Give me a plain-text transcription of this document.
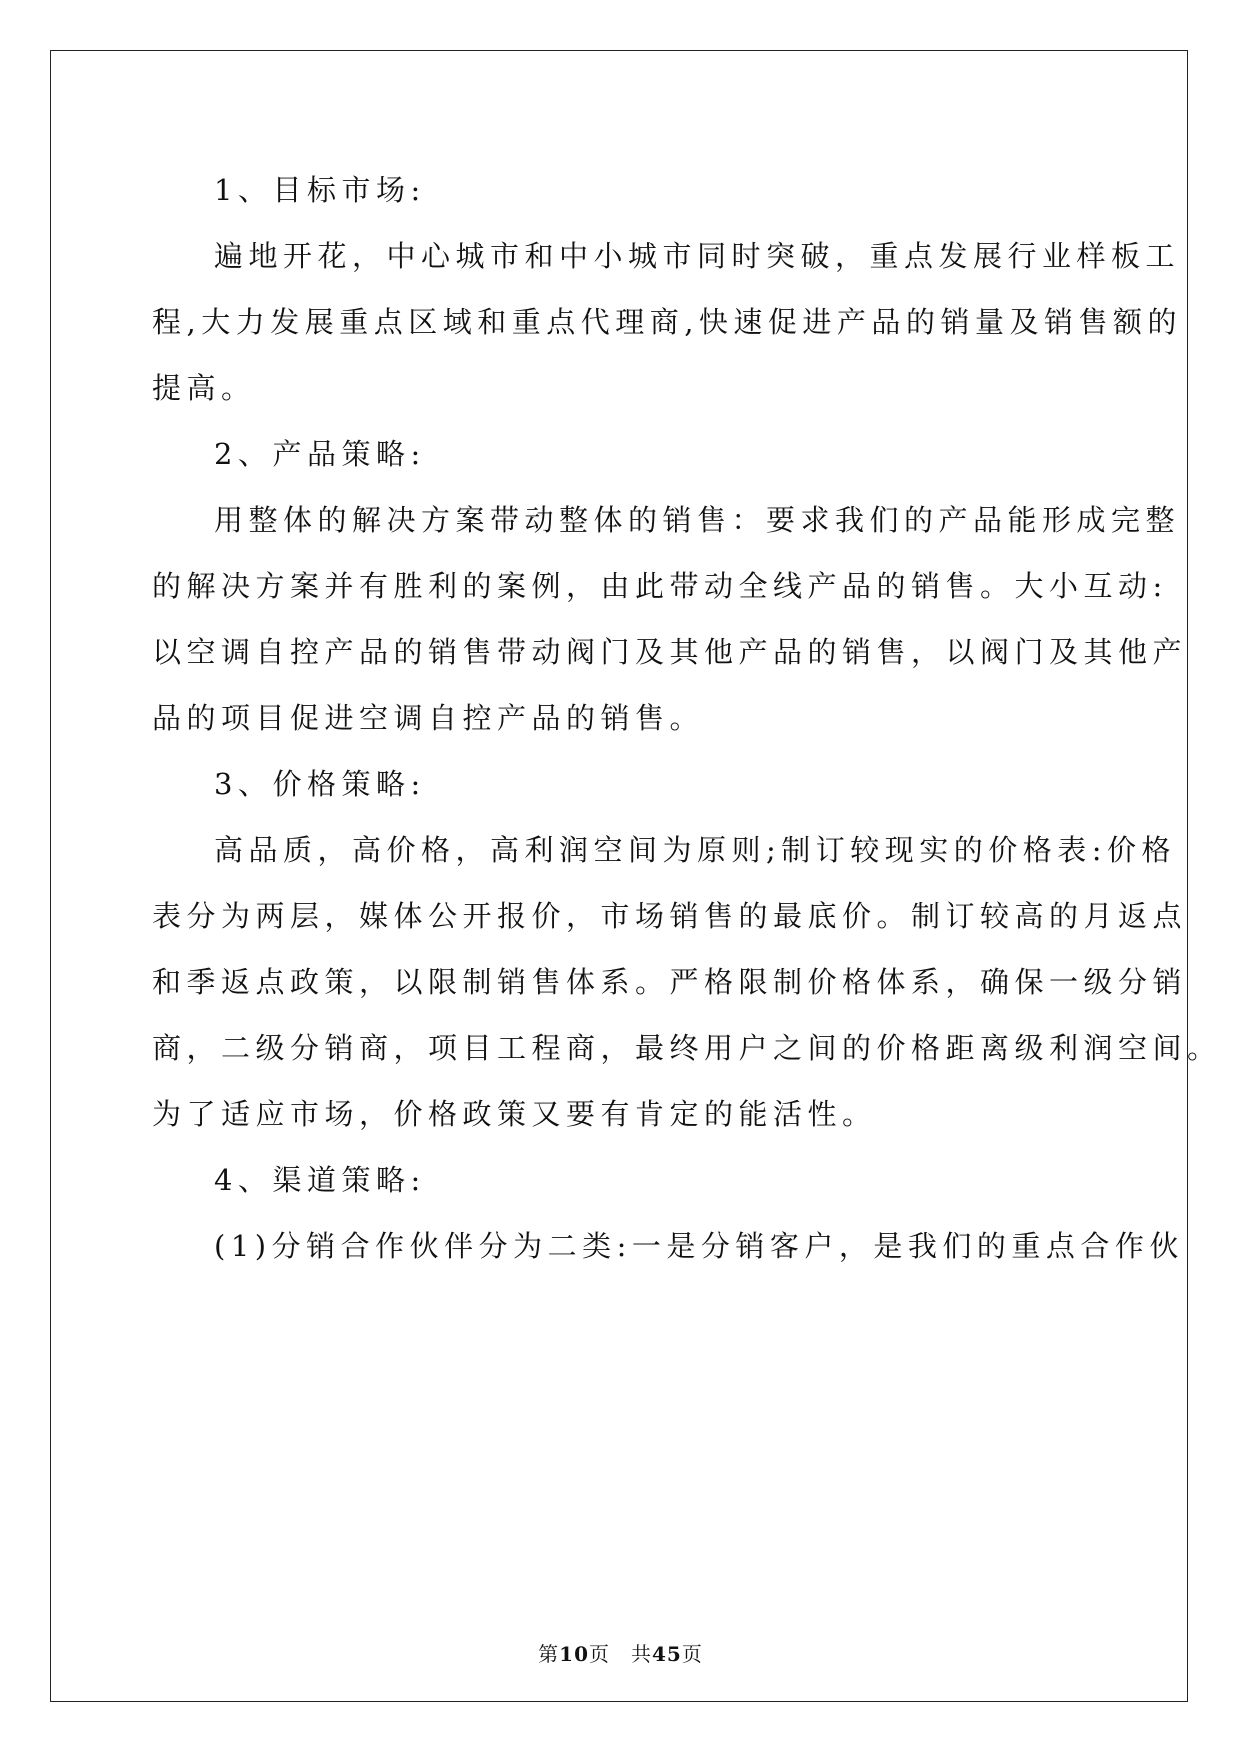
1、目标市场:
遍地开花，中心城市和中小城市同时突破，重点发展行业样板工
程,大力发展重点区域和重点代理商,快速促进产品的销量及销售额的
提高。
2、产品策略:
用整体的解决方案带动整体的销售：要求我们的产品能形成完整
的解决方案并有胜利的案例，由此带动全线产品的销售。大小互动:
以空调自控产品的销售带动阀门及其他产品的销售，以阀门及其他产
品的项目促进空调自控产品的销售。
3、价格策略:
高品质，高价格，高利润空间为原则;制订较现实的价格表:价格
表分为两层，媒体公开报价，市场销售的最底价。制订较高的月返点
和季返点政策，以限制销售体系。严格限制价格体系，确保一级分销
商，二级分销商，项目工程商，最终用户之间的价格距离级利润空间。
为了适应市场，价格政策又要有肯定的能活性。
4、渠道策略:
(1)分销合作伙伴分为二类:一是分销客户，是我们的重点合作伙
第10页　共45页
